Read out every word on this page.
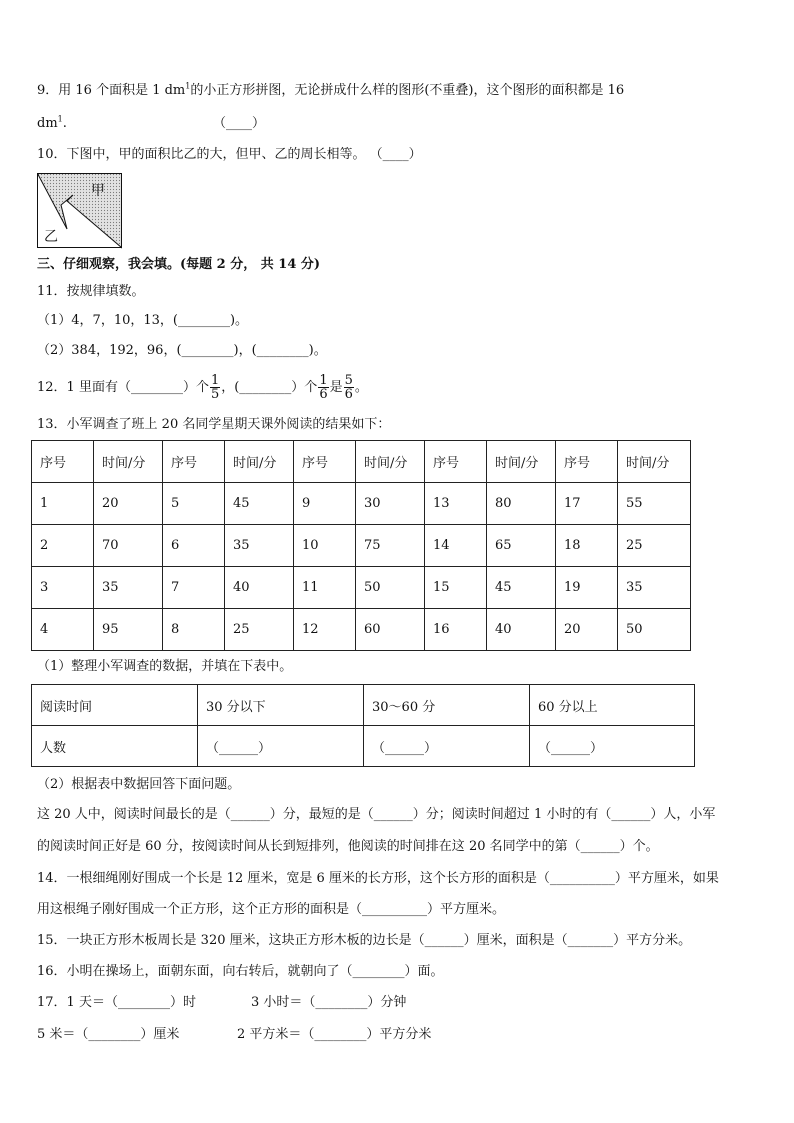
9．用 16 个面积是 1 $dm^1$的小正方形拼图，无论拼成什么样的图形(不重叠)，这个图形的面积都是 16
$dm^1$.	（____）
10．下图中，甲的面积比乙的大，但甲、乙的周长相等。 （____）
甲
乙
三、仔细观察，我会填。(每题 2 分， 共 14 分)
11．按规律填数。
（1）4，7，10，13，(________)。
（2）384，192，96，(________)，(________)。
12．1 里面有（________）个 $\frac{1}{5}$ ，(________）个 $\frac{1}{6}$ 是 $\frac{5}{6}$ 。
13．小军调查了班上 20 名同学星期天课外阅读的结果如下：
序号	时间/分	序号	时间/分	序号	时间/分	序号	时间/分	序号	时间/分
1	20	5	45	9	30	13	80	17	55
2	70	6	35	10	75	14	65	18	25
3	35	7	40	11	50	15	45	19	35
4	95	8	25	12	60	16	40	20	50
（1）整理小军调查的数据，并填在下表中。
阅读时间	30 分以下	30～60 分	60 分以上
人数	（______）	（______）	（______）
（2）根据表中数据回答下面问题。
这 20 人中，阅读时间最长的是（______）分，最短的是（______）分；阅读时间超过 1 小时的有（______）人，小军
的阅读时间正好是 60 分，按阅读时间从长到短排列，他阅读的时间排在这 20 名同学中的第（______）个。
14．一根细绳刚好围成一个长是 12 厘米，宽是 6 厘米的长方形，这个长方形的面积是（__________）平方厘米，如果
用这根绳子刚好围成一个正方形，这个正方形的面积是（__________）平方厘米。
15．一块正方形木板周长是 320 厘米，这块正方形木板的边长是（______）厘米，面积是（_______）平方分米。
16．小明在操场上，面朝东面，向右转后，就朝向了（________）面。
17．1 天＝（________）时	3 小时＝（________）分钟
5 米＝（________）厘米	2 平方米＝（________）平方分米
